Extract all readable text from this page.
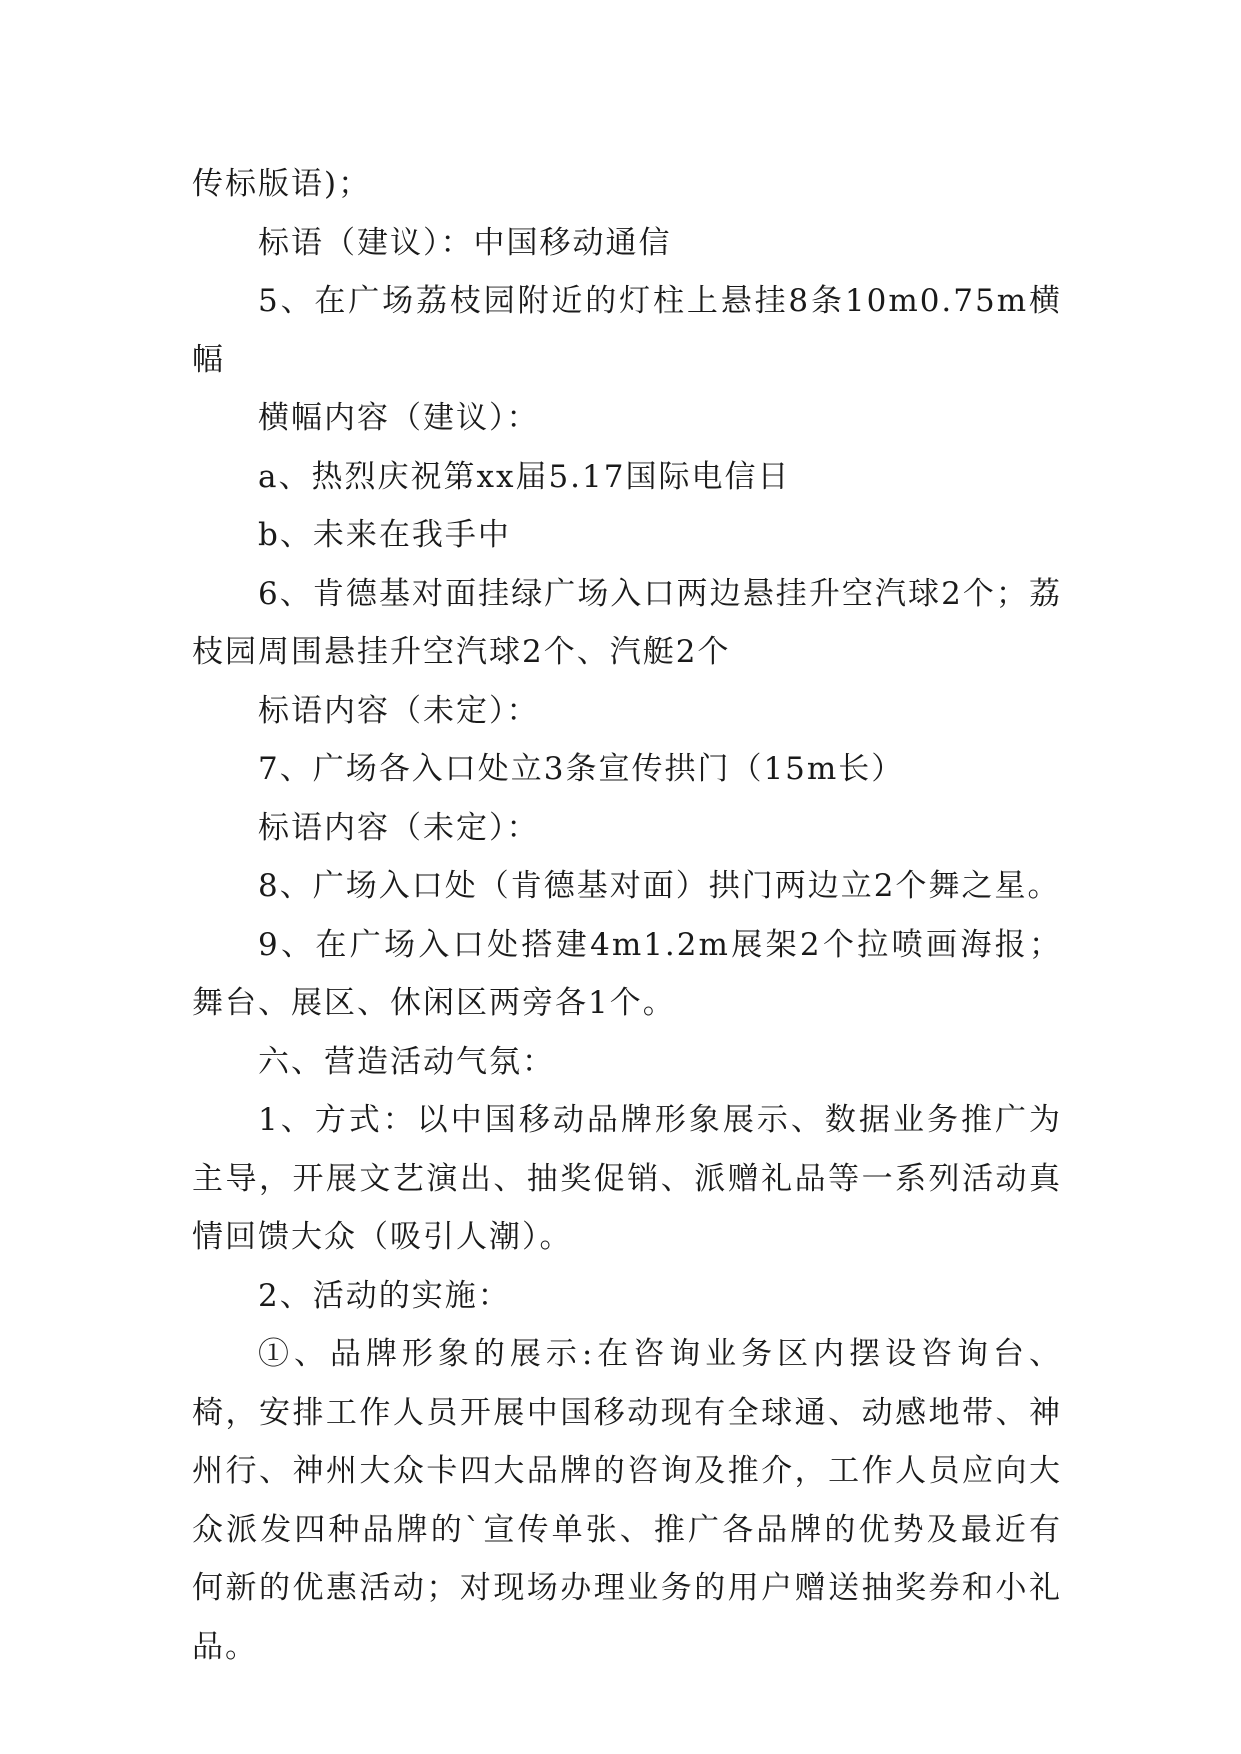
传标版语)；

标语（建议）：中国移动通信

5、在广场荔枝园附近的灯柱上悬挂8条10m0.75m横幅

横幅内容（建议）：

a、热烈庆祝第xx届5.17国际电信日

b、未来在我手中

6、肯德基对面挂绿广场入口两边悬挂升空汽球2个；荔枝园周围悬挂升空汽球2个、汽艇2个

标语内容（未定）：

7、广场各入口处立3条宣传拱门（15m长）

标语内容（未定）：

8、广场入口处（肯德基对面）拱门两边立2个舞之星。

9、在广场入口处搭建4m1.2m展架2个拉喷画海报；舞台、展区、休闲区两旁各1个。

六、营造活动气氛：

1、方式：以中国移动品牌形象展示、数据业务推广为主导，开展文艺演出、抽奖促销、派赠礼品等一系列活动真情回馈大众（吸引人潮）。

2、活动的实施：

①、品牌形象的展示:在咨询业务区内摆设咨询台、椅，安排工作人员开展中国移动现有全球通、动感地带、神州行、神州大众卡四大品牌的咨询及推介，工作人员应向大众派发四种品牌的`宣传单张、推广各品牌的优势及最近有何新的优惠活动；对现场办理业务的用户赠送抽奖券和小礼品。
